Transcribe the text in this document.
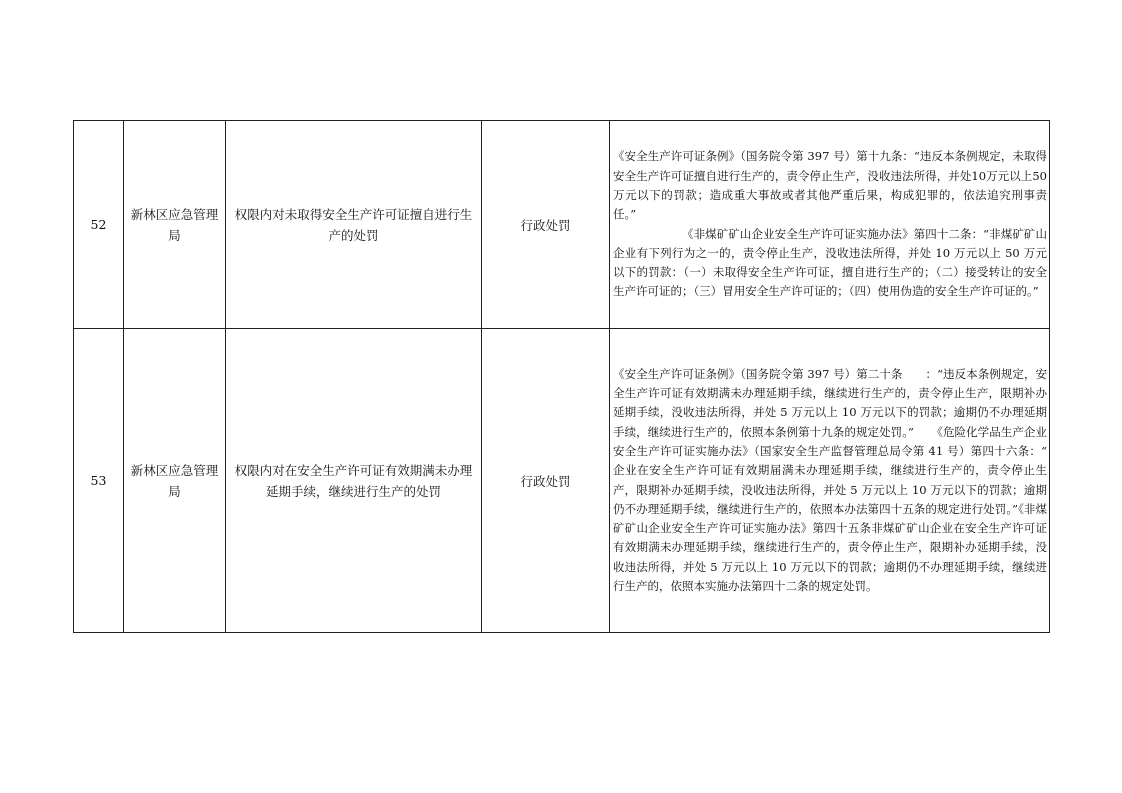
52	新林区应急管理局	权限内对未取得安全生产许可证擅自进行生产的处罚	行政处罚	《安全生产许可证条例》（国务院令第 397 号）第十九条：“违反本条例规定，未取得安全生产许可证擅自进行生产的，责令停止生产，没收违法所得，并处10万元以上50万元以下的罚款；造成重大事故或者其他严重后果，构成犯罪的，依法追究刑事责任。”

《非煤矿矿山企业安全生产许可证实施办法》第四十二条：“非煤矿矿山企业有下列行为之一的，责令停止生产，没收违法所得，并处 10 万元以上 50 万元以下的罚款：（一）未取得安全生产许可证，擅自进行生产的；（二）接受转让的安全生产许可证的；（三）冒用安全生产许可证的；（四）使用伪造的安全生产许可证的。”

53	新林区应急管理局	权限内对在安全生产许可证有效期满未办理延期手续，继续进行生产的处罚	行政处罚	《安全生产许可证条例》（国务院令第 397 号）第二十条　　：“违反本条例规定，安全生产许可证有效期满未办理延期手续，继续进行生产的，责令停止生产，限期补办延期手续，没收违法所得，并处 5 万元以上 10 万元以下的罚款；逾期仍不办理延期手续，继续进行生产的，依照本条例第十九条的规定处罚。”　　《危险化学品生产企业安全生产许可证实施办法》（国家安全生产监督管理总局令第 41 号）第四十六条：“　　企业在安全生产许可证有效期届满未办理延期手续，继续进行生产的，责令停止生产，限期补办延期手续，没收违法所得，并处 5 万元以上 10 万元以下的罚款；逾期仍不办理延期手续，继续进行生产的，依照本办法第四十五条的规定进行处罚。”《非煤矿矿山企业安全生产许可证实施办法》第四十五条非煤矿矿山企业在安全生产许可证有效期满未办理延期手续，继续进行生产的，责令停止生产，限期补办延期手续，没收违法所得，并处 5 万元以上 10 万元以下的罚款；逾期仍不办理延期手续，继续进行生产的，依照本实施办法第四十二条的规定处罚。
